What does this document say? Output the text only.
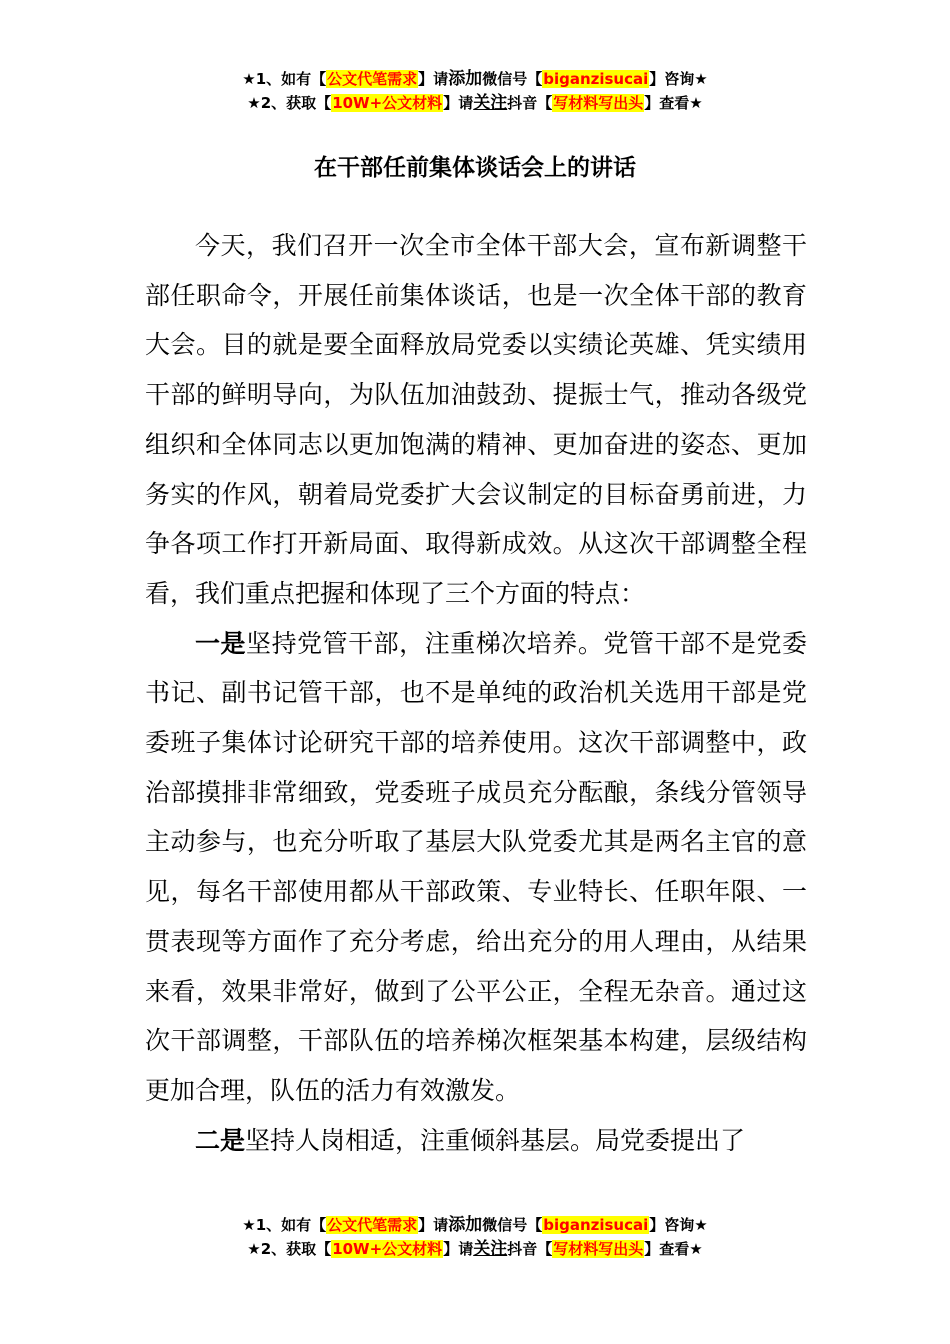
★1、如有【公文代笔需求】请添加微信号【biganzisucai】咨询★
★2、获取【10W+公文材料】请关注抖音【写材料写出头】查看★
在干部任前集体谈话会上的讲话

今天，我们召开一次全市全体干部大会，宣布新调整干部任职命令，开展任前集体谈话，也是一次全体干部的教育大会。目的就是要全面释放局党委以实绩论英雄、凭实绩用干部的鲜明导向，为队伍加油鼓劲、提振士气，推动各级党组织和全体同志以更加饱满的精神、更加奋进的姿态、更加务实的作风，朝着局党委扩大会议制定的目标奋勇前进，力争各项工作打开新局面、取得新成效。从这次干部调整全程看，我们重点把握和体现了三个方面的特点：

一是坚持党管干部，注重梯次培养。党管干部不是党委书记、副书记管干部，也不是单纯的政治机关选用干部是党委班子集体讨论研究干部的培养使用。这次干部调整中，政治部摸排非常细致，党委班子成员充分酝酿，条线分管领导主动参与，也充分听取了基层大队党委尤其是两名主官的意见，每名干部使用都从干部政策、专业特长、任职年限、一贯表现等方面作了充分考虑，给出充分的用人理由，从结果来看，效果非常好，做到了公平公正，全程无杂音。通过这次干部调整，干部队伍的培养梯次框架基本构建，层级结构更加合理，队伍的活力有效激发。

二是坚持人岗相适，注重倾斜基层。局党委提出了

★1、如有【公文代笔需求】请添加微信号【biganzisucai】咨询★
★2、获取【10W+公文材料】请关注抖音【写材料写出头】查看★
